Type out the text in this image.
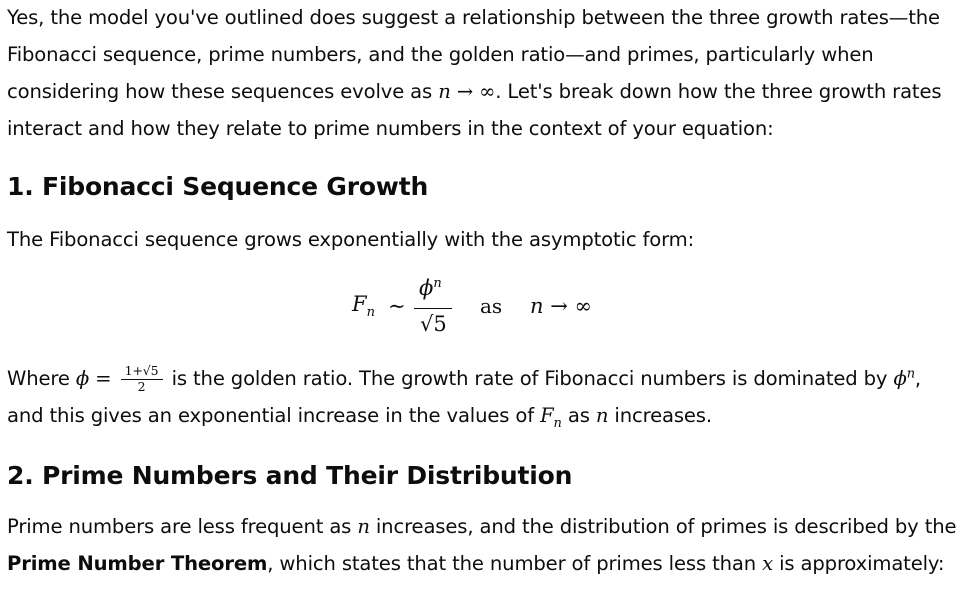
Yes, the model you've outlined does suggest a relationship between the three growth rates—the
Fibonacci sequence, prime numbers, and the golden ratio—and primes, particularly when
considering how these sequences evolve as n → ∞. Let's break down how the three growth rates
interact and how they relate to prime numbers in the context of your equation:
1. Fibonacci Sequence Growth
The Fibonacci sequence grows exponentially with the asymptotic form:
$F_n$ ∼
$\phi^n$
√5
as n → ∞
Where $\phi = \frac{1+√5}{2}$ is the golden ratio. The growth rate of Fibonacci numbers is dominated by $\phi^n$,
and this gives an exponential increase in the values of $F_n$ as n increases.
2. Prime Numbers and Their Distribution
Prime numbers are less frequent as n increases, and the distribution of primes is described by the
Prime Number Theorem, which states that the number of primes less than x is approximately:
